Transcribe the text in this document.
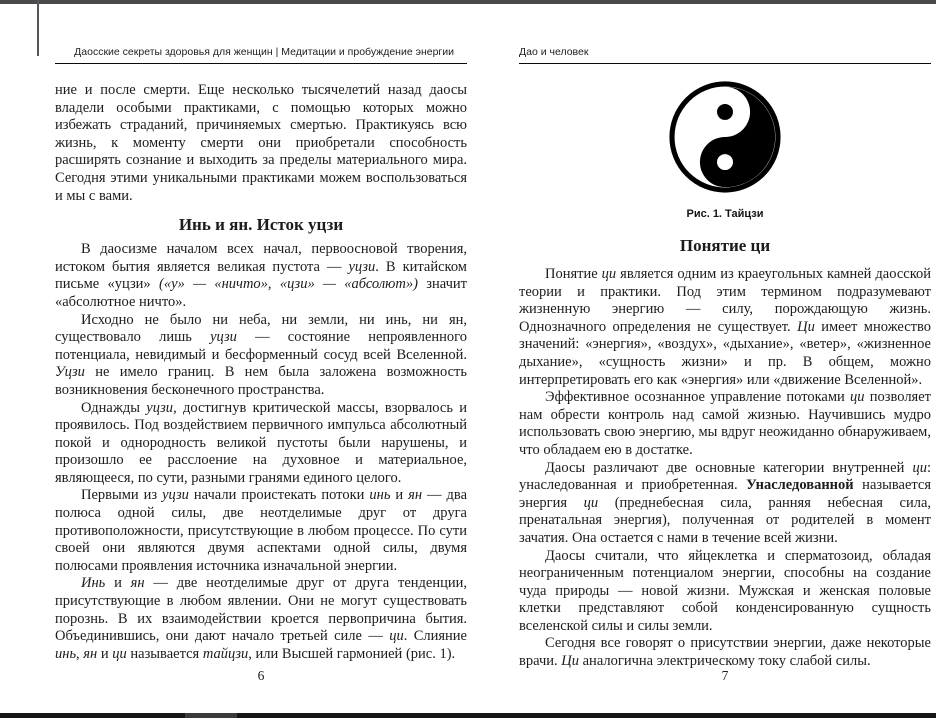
Даосские секреты здоровья для женщин | Медитации и пробуждение энергии

ние и после смерти. Еще несколько тысячелетий назад даосы владели особыми практиками, с помощью которых можно избежать страданий, причиняемых смертью. Практикуясь всю жизнь, к моменту смерти они приобретали способность расширять сознание и выходить за пределы материального мира. Сегодня этими уникальными практиками можем воспользоваться и мы с вами.

Инь и ян. Исток уцзи

В даосизме началом всех начал, первоосновой творения, истоком бытия является великая пустота — уцзи. В китайском письме «уцзи» («у» — «ничто», «цзи» — «абсолют») значит «абсолютное ничто».

Исходно не было ни неба, ни земли, ни инь, ни ян, существовало лишь уцзи — состояние непроявленного потенциала, невидимый и бесформенный сосуд всей Вселенной. Уцзи не имело границ. В нем была заложена возможность возникновения бесконечного пространства.

Однажды уцзи, достигнув критической массы, взорвалось и проявилось. Под воздействием первичного импульса абсолютный покой и однородность великой пустоты были нарушены, и произошло ее расслоение на духовное и материальное, являющееся, по сути, разными гранями единого целого.

Первыми из уцзи начали проистекать потоки инь и ян — два полюса одной силы, две неотделимые друг от друга противоположности, присутствующие в любом процессе. По сути своей они являются двумя аспектами одной силы, двумя полюсами проявления источника изначальной энергии.

Инь и ян — две неотделимые друг от друга тенденции, присутствующие в любом явлении. Они не могут существовать порознь. В их взаимодействии кроется первопричина бытия. Объединившись, они дают начало третьей силе — ци. Слияние инь, ян и ци называется тайцзи, или Высшей гармонией (рис. 1).

6
Дао и человек
Рис. 1. Тайцзи
Понятие ци

Понятие ци является одним из краеугольных камней даосской теории и практики. Под этим термином подразумевают жизненную энергию — силу, порождающую жизнь. Однозначного определения не существует. Ци имеет множество значений: «энергия», «воздух», «дыхание», «ветер», «жизненное дыхание», «сущность жизни» и пр. В общем, можно интерпретировать его как «энергия» или «движение Вселенной».

Эффективное осознанное управление потоками ци позволяет нам обрести контроль над самой жизнью. Научившись мудро использовать свою энергию, мы вдруг неожиданно обнаруживаем, что обладаем ею в достатке.

Даосы различают две основные категории внутренней ци: унаследованная и приобретенная. Унаследованной называется энергия ци (преднебесная сила, ранняя небесная сила, пренатальная энергия), полученная от родителей в момент зачатия. Она остается с нами в течение всей жизни.

Даосы считали, что яйцеклетка и сперматозоид, обладая неограниченным потенциалом энергии, способны на создание чуда природы — новой жизни. Мужская и женская половые клетки представляют собой конденсированную сущность вселенской силы и силы земли.

Сегодня все говорят о присутствии энергии, даже некоторые врачи. Ци аналогична электрическому току слабой силы.

7
